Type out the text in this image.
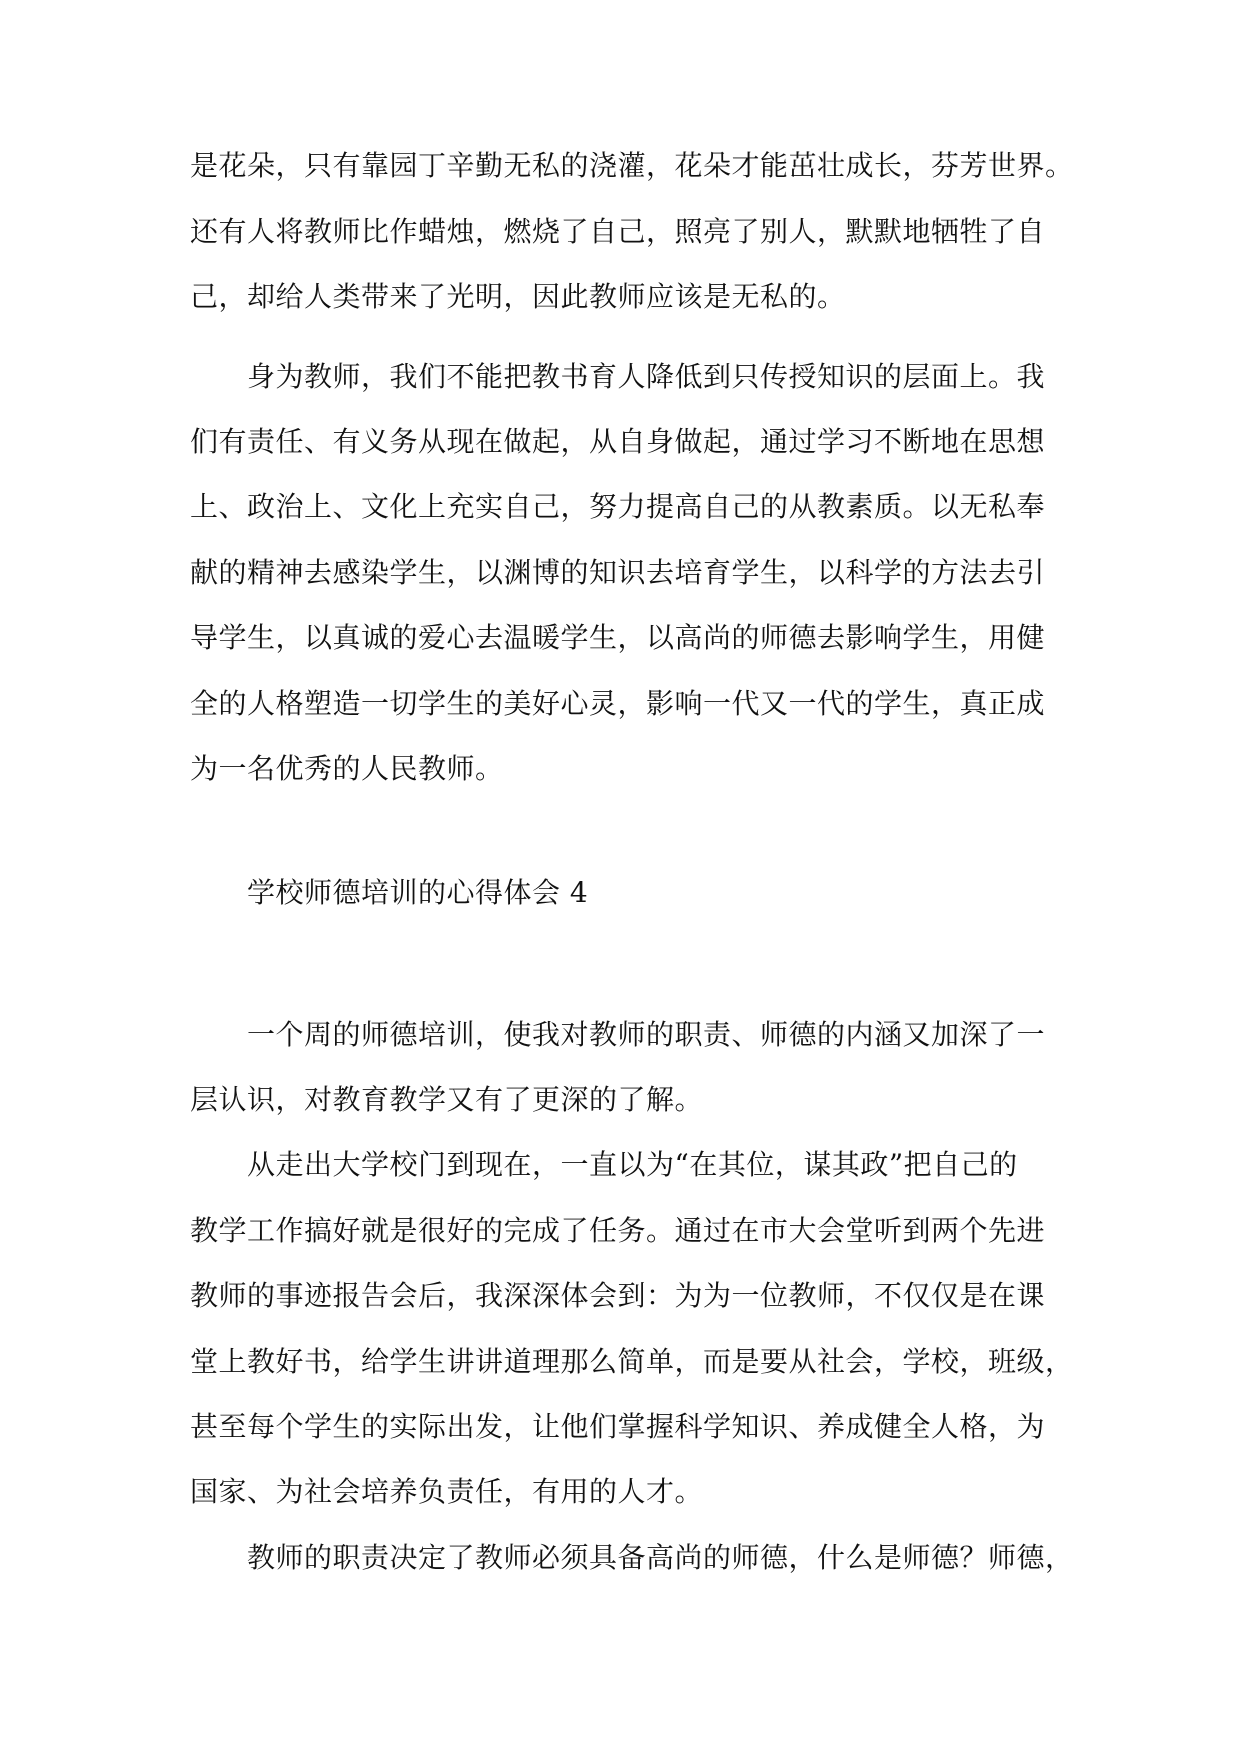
是花朵，只有靠园丁辛勤无私的浇灌，花朵才能茁壮成长，芬芳世界。
还有人将教师比作蜡烛，燃烧了自己，照亮了别人，默默地牺牲了自
己，却给人类带来了光明，因此教师应该是无私的。
身为教师，我们不能把教书育人降低到只传授知识的层面上。我
们有责任、有义务从现在做起，从自身做起，通过学习不断地在思想
上、政治上、文化上充实自己，努力提高自己的从教素质。以无私奉
献的精神去感染学生，以渊博的知识去培育学生，以科学的方法去引
导学生，以真诚的爱心去温暖学生，以高尚的师德去影响学生，用健
全的人格塑造一切学生的美好心灵，影响一代又一代的学生，真正成
为一名优秀的人民教师。
学校师德培训的心得体会 4
一个周的师德培训，使我对教师的职责、师德的内涵又加深了一
层认识，对教育教学又有了更深的了解。
从走出大学校门到现在，一直以为“在其位，谋其政”把自己的
教学工作搞好就是很好的完成了任务。通过在市大会堂听到两个先进
教师的事迹报告会后，我深深体会到：为为一位教师，不仅仅是在课
堂上教好书，给学生讲讲道理那么简单，而是要从社会，学校，班级，
甚至每个学生的实际出发，让他们掌握科学知识、养成健全人格，为
国家、为社会培养负责任，有用的人才。
教师的职责决定了教师必须具备高尚的师德，什么是师德？师德，
